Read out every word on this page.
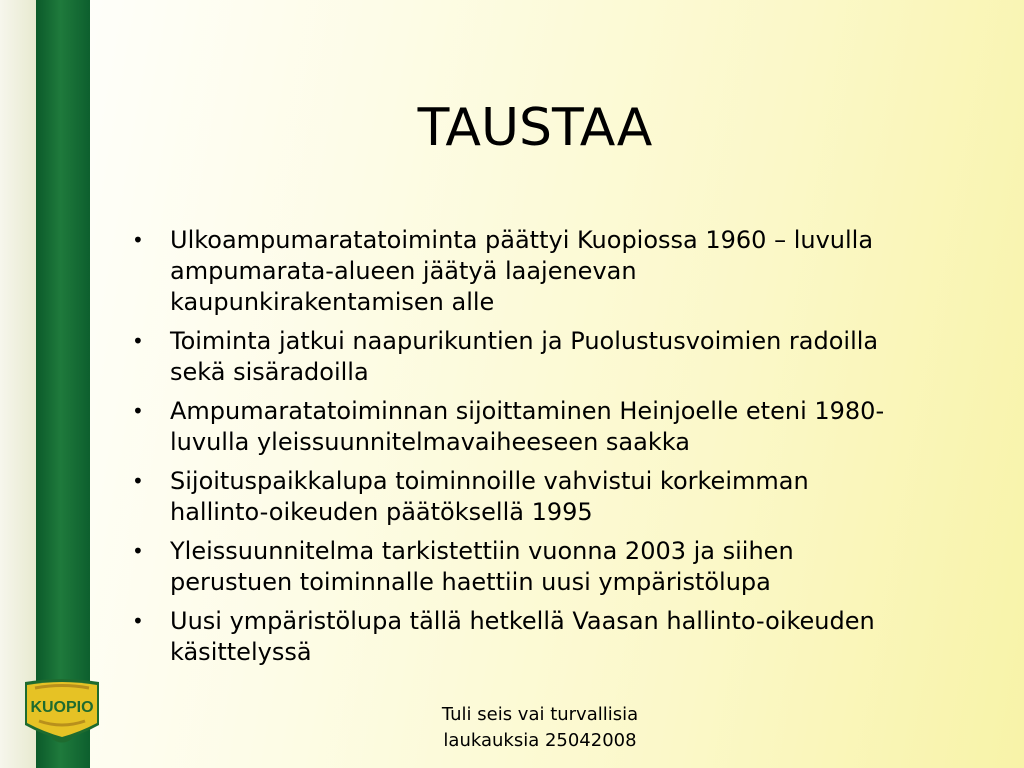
TAUSTAA
• Ulkoampumaratatoiminta päättyi Kuopiossa 1960 – luvulla ampumarata-alueen jäätyä laajenevan kaupunkirakentamisen alle
• Toiminta jatkui naapurikuntien ja Puolustusvoimien radoilla sekä sisäradoilla
• Ampumaratatoiminnan sijoittaminen Heinjoelle eteni 1980- luvulla yleissuunnitelmavaiheeseen saakka
• Sijoituspaikkalupa toiminnoille vahvistui korkeimman hallinto-oikeuden päätöksellä 1995
• Yleissuunnitelma tarkistettiin vuonna 2003 ja siihen perustuen toiminnalle haettiin uusi ympäristölupa
• Uusi ympäristölupa tällä hetkellä Vaasan hallinto-oikeuden käsittelyssä
KUOPIO	Tuli seis vai turvallisia
laukauksia 25042008
